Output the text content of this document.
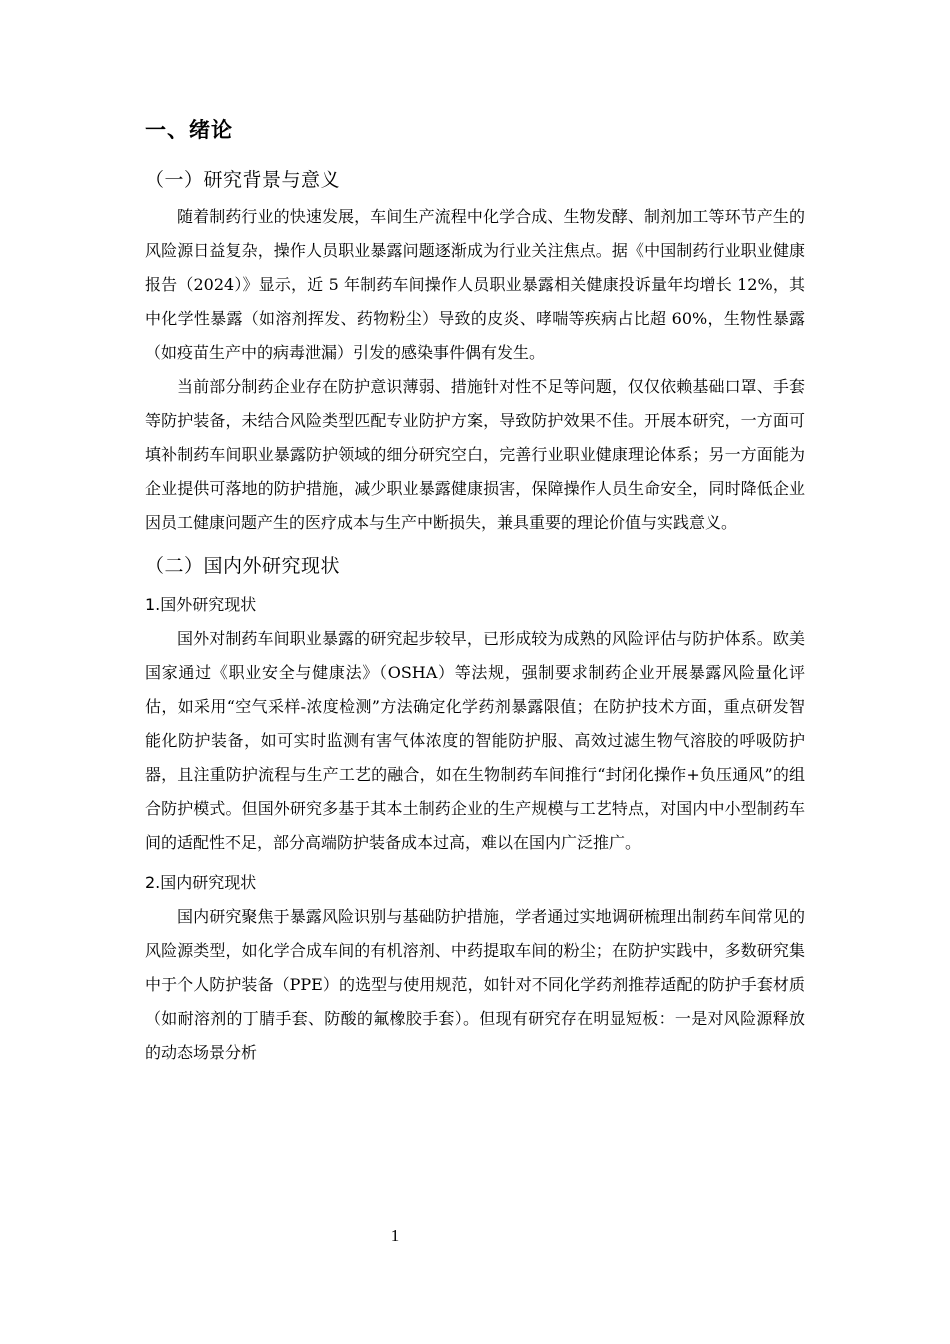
一、绪论
（一）研究背景与意义

随着制药行业的快速发展，车间生产流程中化学合成、生物发酵、制剂加工等环节产生的风险源日益复杂，操作人员职业暴露问题逐渐成为行业关注焦点。据《中国制药行业职业健康报告（2024）》显示，近 5 年制药车间操作人员职业暴露相关健康投诉量年均增长 12%，其中化学性暴露（如溶剂挥发、药物粉尘）导致的皮炎、哮喘等疾病占比超 60%，生物性暴露（如疫苗生产中的病毒泄漏）引发的感染事件偶有发生。

当前部分制药企业存在防护意识薄弱、措施针对性不足等问题，仅仅依赖基础口罩、手套等防护装备，未结合风险类型匹配专业防护方案，导致防护效果不佳。开展本研究，一方面可填补制药车间职业暴露防护领域的细分研究空白，完善行业职业健康理论体系；另一方面能为企业提供可落地的防护措施，减少职业暴露健康损害，保障操作人员生命安全，同时降低企业因员工健康问题产生的医疗成本与生产中断损失，兼具重要的理论价值与实践意义。

（二）国内外研究现状
1.国外研究现状

国外对制药车间职业暴露的研究起步较早，已形成较为成熟的风险评估与防护体系。欧美国家通过《职业安全与健康法》（OSHA）等法规，强制要求制药企业开展暴露风险量化评估，如采用“空气采样-浓度检测”方法确定化学药剂暴露限值；在防护技术方面，重点研发智能化防护装备，如可实时监测有害气体浓度的智能防护服、高效过滤生物气溶胶的呼吸防护器，且注重防护流程与生产工艺的融合，如在生物制药车间推行“封闭化操作+负压通风”的组合防护模式。但国外研究多基于其本土制药企业的生产规模与工艺特点，对国内中小型制药车间的适配性不足，部分高端防护装备成本过高，难以在国内广泛推广。

2.国内研究现状

国内研究聚焦于暴露风险识别与基础防护措施，学者通过实地调研梳理出制药车间常见的风险源类型，如化学合成车间的有机溶剂、中药提取车间的粉尘；在防护实践中，多数研究集中于个人防护装备（PPE）的选型与使用规范，如针对不同化学药剂推荐适配的防护手套材质（如耐溶剂的丁腈手套、防酸的氟橡胶手套）。但现有研究存在明显短板：一是对风险源释放的动态场景分析

1
